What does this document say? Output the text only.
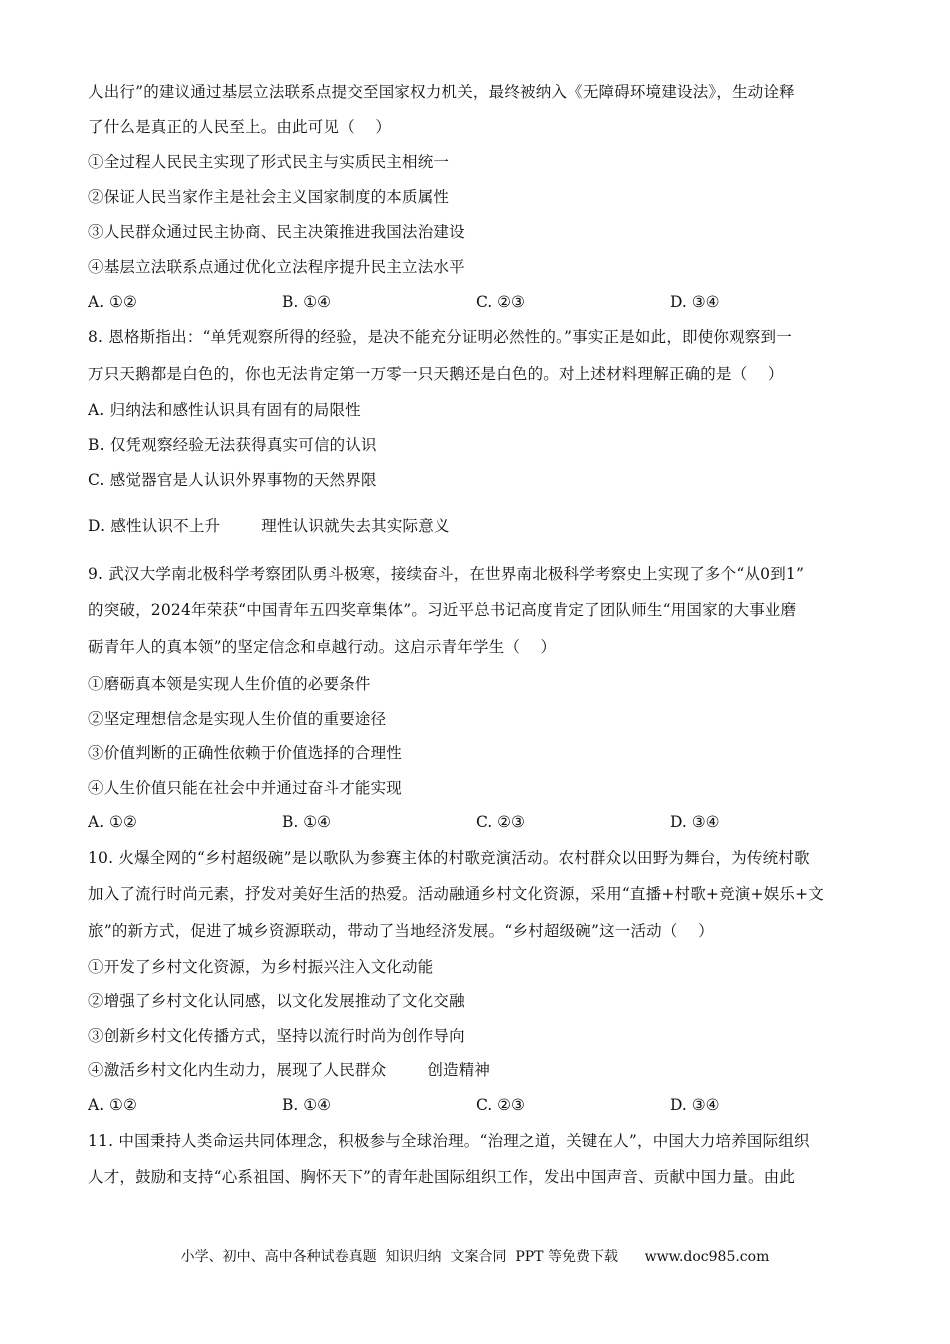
人出行”的建议通过基层立法联系点提交至国家权力机关，最终被纳入《无障碍环境建设法》，生动诠释
了什么是真正的人民至上。由此可见（    ）
①全过程人民民主实现了形式民主与实质民主相统一
②保证人民当家作主是社会主义国家制度的本质属性
③人民群众通过民主协商、民主决策推进我国法治建设
④基层立法联系点通过优化立法程序提升民主立法水平
A. ①②	B. ①④	C. ②③	D. ③④
8. 恩格斯指出：“单凭观察所得的经验，是决不能充分证明必然性的。”事实正是如此，即使你观察到一
万只天鹅都是白色的，你也无法肯定第一万零一只天鹅还是白色的。对上述材料理解正确的是（    ）
A. 归纳法和感性认识具有固有的局限性
B. 仅凭观察经验无法获得真实可信的认识
C. 感觉器官是人认识外界事物的天然界限
D. 感性认识不上升        理性认识就失去其实际意义
9. 武汉大学南北极科学考察团队勇斗极寒，接续奋斗，在世界南北极科学考察史上实现了多个“从0到1”
的突破，2024年荣获“中国青年五四奖章集体”。习近平总书记高度肯定了团队师生“用国家的大事业磨
砺青年人的真本领”的坚定信念和卓越行动。这启示青年学生（    ）
①磨砺真本领是实现人生价值的必要条件
②坚定理想信念是实现人生价值的重要途径
③价值判断的正确性依赖于价值选择的合理性
④人生价值只能在社会中并通过奋斗才能实现
A. ①②	B. ①④	C. ②③	D. ③④
10. 火爆全网的“乡村超级碗”是以歌队为参赛主体的村歌竞演活动。农村群众以田野为舞台，为传统村歌
加入了流行时尚元素，抒发对美好生活的热爱。活动融通乡村文化资源，采用“直播+村歌+竞演+娱乐+文
旅”的新方式，促进了城乡资源联动，带动了当地经济发展。“乡村超级碗”这一活动（    ）
①开发了乡村文化资源，为乡村振兴注入文化动能
②增强了乡村文化认同感，以文化发展推动了文化交融
③创新乡村文化传播方式，坚持以流行时尚为创作导向
④激活乡村文化内生动力，展现了人民群众        创造精神
A. ①②	B. ①④	C. ②③	D. ③④
11. 中国秉持人类命运共同体理念，积极参与全球治理。“治理之道，关键在人”，中国大力培养国际组织
人才，鼓励和支持“心系祖国、胸怀天下”的青年赴国际组织工作，发出中国声音、贡献中国力量。由此
小学、初中、高中各种试卷真题  知识归纳  文案合同  PPT 等免费下载      www.doc985.com
